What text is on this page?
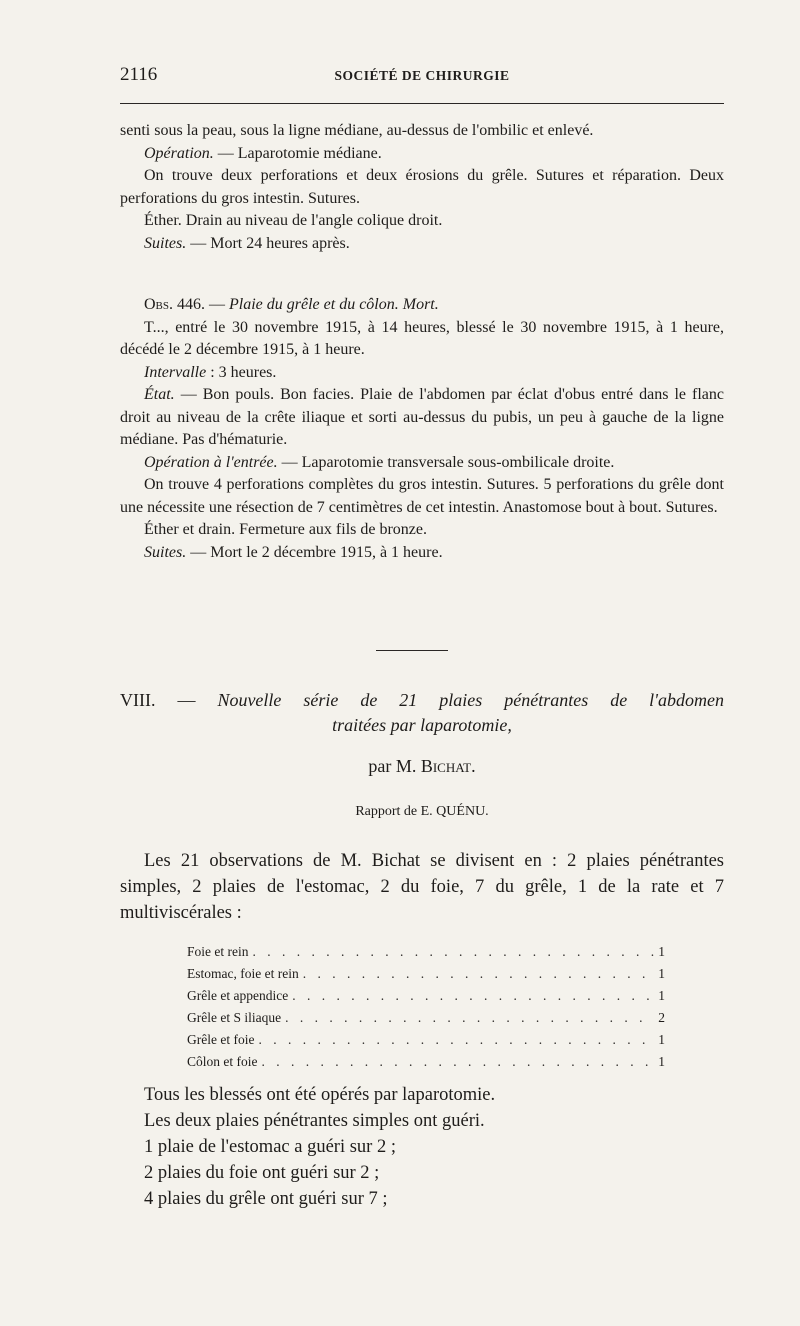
2116	SOCIÉTÉ DE CHIRURGIE

senti sous la peau, sous la ligne médiane, au-dessus de l'ombilic et enlevé.

Opération. — Laparotomie médiane.

On trouve deux perforations et deux érosions du grêle. Sutures et réparation. Deux perforations du gros intestin. Sutures.

Éther. Drain au niveau de l'angle colique droit.

Suites. — Mort 24 heures après.

Obs. 446. — Plaie du grêle et du côlon. Mort.

T..., entré le 30 novembre 1915, à 14 heures, blessé le 30 novembre 1915, à 1 heure, décédé le 2 décembre 1915, à 1 heure.

Intervalle : 3 heures.

État. — Bon pouls. Bon facies. Plaie de l'abdomen par éclat d'obus entré dans le flanc droit au niveau de la crête iliaque et sorti au-dessus du pubis, un peu à gauche de la ligne médiane. Pas d'hématurie.

Opération à l'entrée. — Laparotomie transversale sous-ombilicale droite.

On trouve 4 perforations complètes du gros intestin. Sutures. 5 perforations du grêle dont une nécessite une résection de 7 centimètres de cet intestin. Anastomose bout à bout. Sutures.

Éther et drain. Fermeture aux fils de bronze.

Suites. — Mort le 2 décembre 1915, à 1 heure.

VIII. — Nouvelle série de 21 plaies pénétrantes de l'abdomen
traitées par laparotomie,
par M. Bichat.
Rapport de E. QUÉNU.

Les 21 observations de M. Bichat se divisent en : 2 plaies pénétrantes simples, 2 plaies de l'estomac, 2 du foie, 7 du grêle, 1 de la rate et 7 multiviscérales :

Foie et rein . . .	1
Estomac, foie et rein . . .	1
Grêle et appendice . . .	1
Grêle et S iliaque . . .	2
Grêle et foie . . .	1
Côlon et foie . . .	1

Tous les blessés ont été opérés par laparotomie.

Les deux plaies pénétrantes simples ont guéri.

1 plaie de l'estomac a guéri sur 2 ;

2 plaies du foie ont guéri sur 2 ;

4 plaies du grêle ont guéri sur 7 ;
